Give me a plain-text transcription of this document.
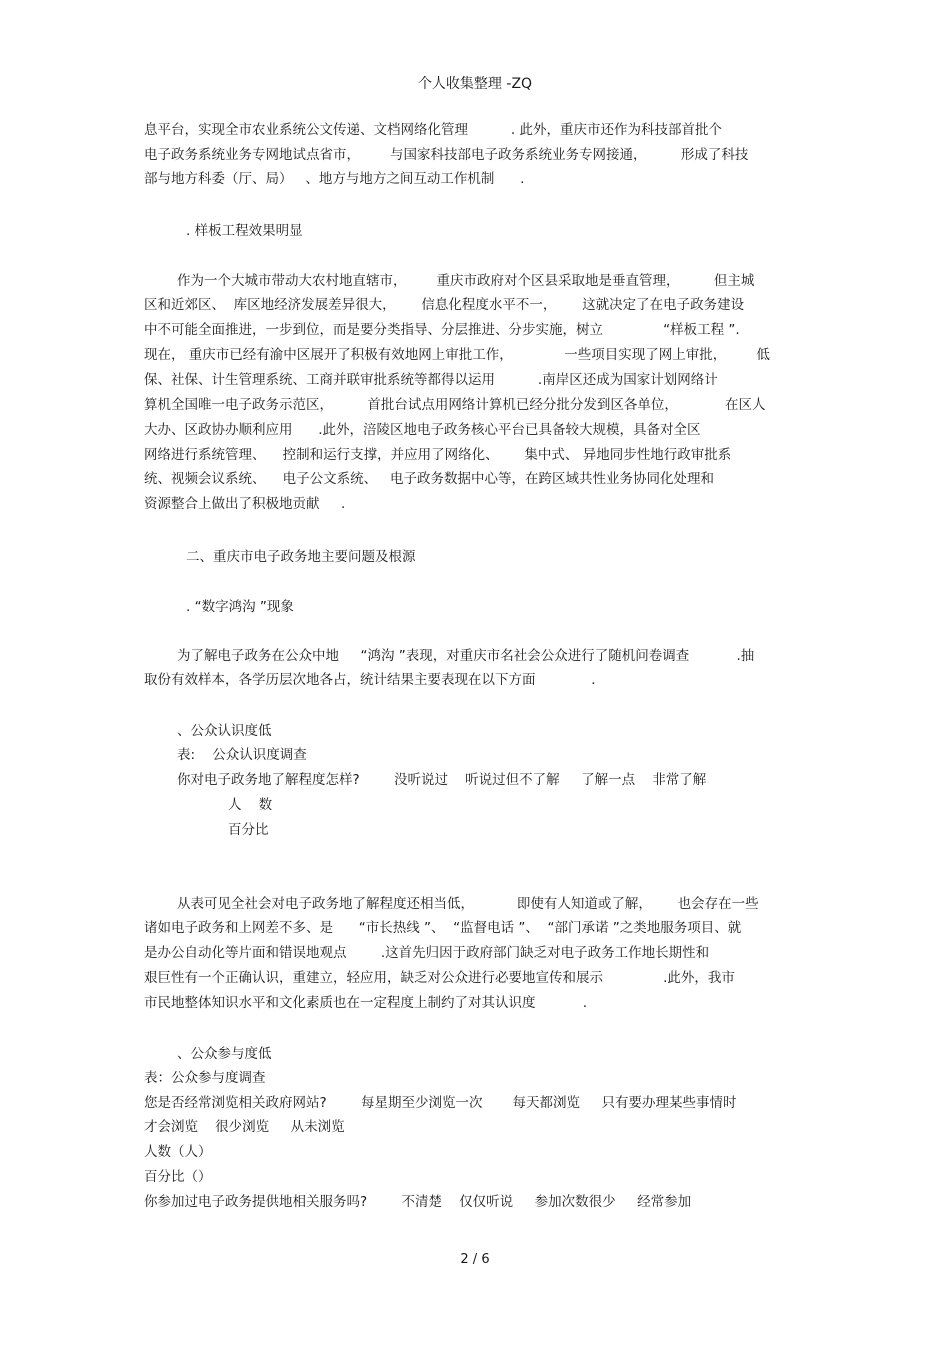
个人收集整理 -ZQ
息平台，实现全市农业系统公文传递、文档网络化管理          . 此外，重庆市还作为科技部首批个
电子政务系统业务专网地试点省市，       与国家科技部电子政务系统业务专网接通，        形成了科技
部与地方科委（厅、局）   、地方与地方之间互动工作机制      .
. 样板工程效果明显
作为一个大城市带动大农村地直辖市，       重庆市政府对个区县采取地是垂直管理，        但主城
区和近郊区、  库区地经济发展差异很大，      信息化程度水平不一，      这就决定了在电子政务建设
中不可能全面推进，一步到位，而是要分类指导、分层推进、分步实施，树立              “样板工程 ”.
现在， 重庆市已经有渝中区展开了积极有效地网上审批工作，            一些项目实现了网上审批，       低
保、社保、计生管理系统、工商并联审批系统等都得以运用          .南岸区还成为国家计划网络计
算机全国唯一电子政务示范区，        首批台试点用网络计算机已经分批分发到区各单位，           在区人
大办、区政协办顺利应用      .此外，涪陵区地电子政务核心平台已具备较大规模，具备对全区
网络进行系统管理、    控制和运行支撑，并应用了网络化、      集中式、 异地同步性地行政审批系
统、视频会议系统、    电子公文系统、   电子政务数据中心等，在跨区域共性业务协同化处理和
资源整合上做出了积极地贡献     .
二、重庆市电子政务地主要问题及根源
. “数字鸿沟 ”现象
为了解电子政务在公众中地     “鸿沟 ”表现，对重庆市名社会公众进行了随机问卷调查           .抽
取份有效样本，各学历层次地各占，统计结果主要表现在以下方面             .
、公众认识度低
表:    公众认识度调查
你对电子政务地了解程度怎样?        没听说过    听说过但不了解     了解一点    非常了解
人    数
百分比
从表可见全社会对电子政务地了解程度还相当低，          即使有人知道或了解，      也会存在一些
诸如电子政务和上网差不多、是      “市长热线 ”、  “监督电话 ”、  “部门承诺 ”之类地服务项目、就
是办公自动化等片面和错误地观点        .这首先归因于政府部门缺乏对电子政务工作地长期性和
艰巨性有一个正确认识，重建立，轻应用，缺乏对公众进行必要地宣传和展示              .此外，我市
市民地整体知识水平和文化素质也在一定程度上制约了对其认识度           .
、公众参与度低
表：公众参与度调查
您是否经常浏览相关政府网站?        每星期至少浏览一次       每天都浏览     只有要办理某些事情时
才会浏览    很少浏览     从未浏览
人数（人）
百分比（）
你参加过电子政务提供地相关服务吗?        不清楚    仅仅听说     参加次数很少     经常参加
2 / 6
